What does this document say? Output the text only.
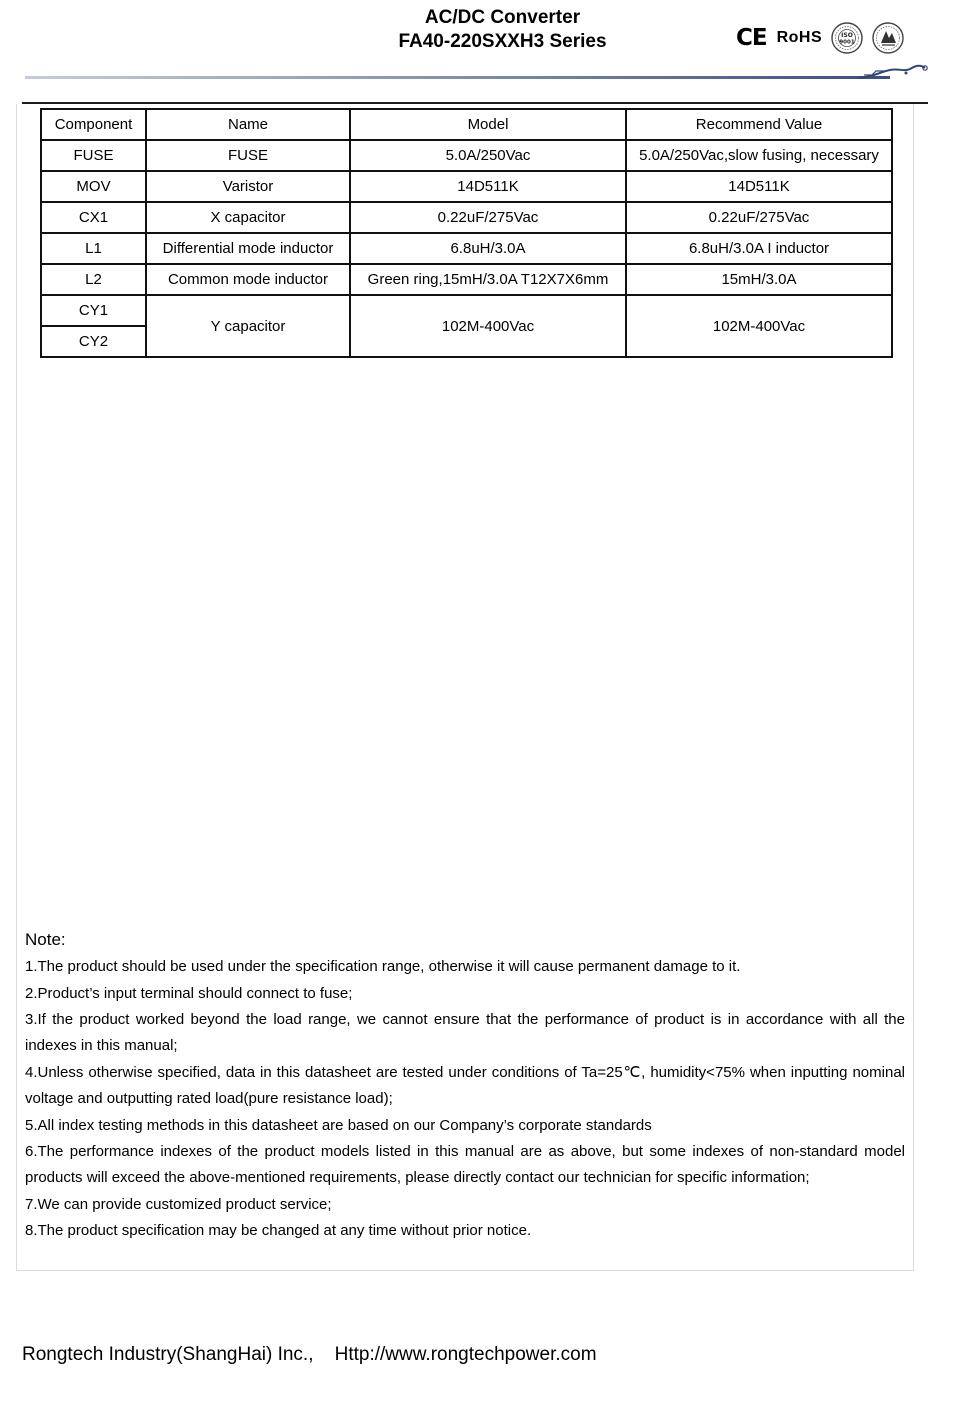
AC/DC Converter
FA40-220SXXH3 Series	CE RoHS	ISO
9001
Component	Name	Model	Recommend Value
FUSE	FUSE	5.0A/250Vac	5.0A/250Vac,slow fusing, necessary
MOV	Varistor	14D511K	14D511K
CX1	X capacitor	0.22uF/275Vac	0.22uF/275Vac
L1	Differential mode inductor	6.8uH/3.0A	6.8uH/3.0A I inductor
L2	Common mode inductor	Green ring,15mH/3.0A T12X7X6mm	15mH/3.0A
CY1	Y capacitor	102M-400Vac	102M-400Vac
CY2			
Note:

1.The product should be used under the specification range, otherwise it will cause permanent damage to it.

2.Product’s input terminal should connect to fuse;

3.If the product worked beyond the load range, we cannot ensure that the performance of product is in accordance with all the indexes in this manual;

4.Unless otherwise specified, data in this datasheet are tested under conditions of Ta=25℃, humidity<75% when inputting nominal voltage and outputting rated load(pure resistance load);

5.All index testing methods in this datasheet are based on our Company’s corporate standards

6.The performance indexes of the product models listed in this manual are as above, but some indexes of non-standard model products will exceed the above-mentioned requirements, please directly contact our technician for specific information;

7.We can provide customized product service;

8.The product specification may be changed at any time without prior notice.

Rongtech Industry(ShangHai) Inc., Http://www.rongtechpower.com
